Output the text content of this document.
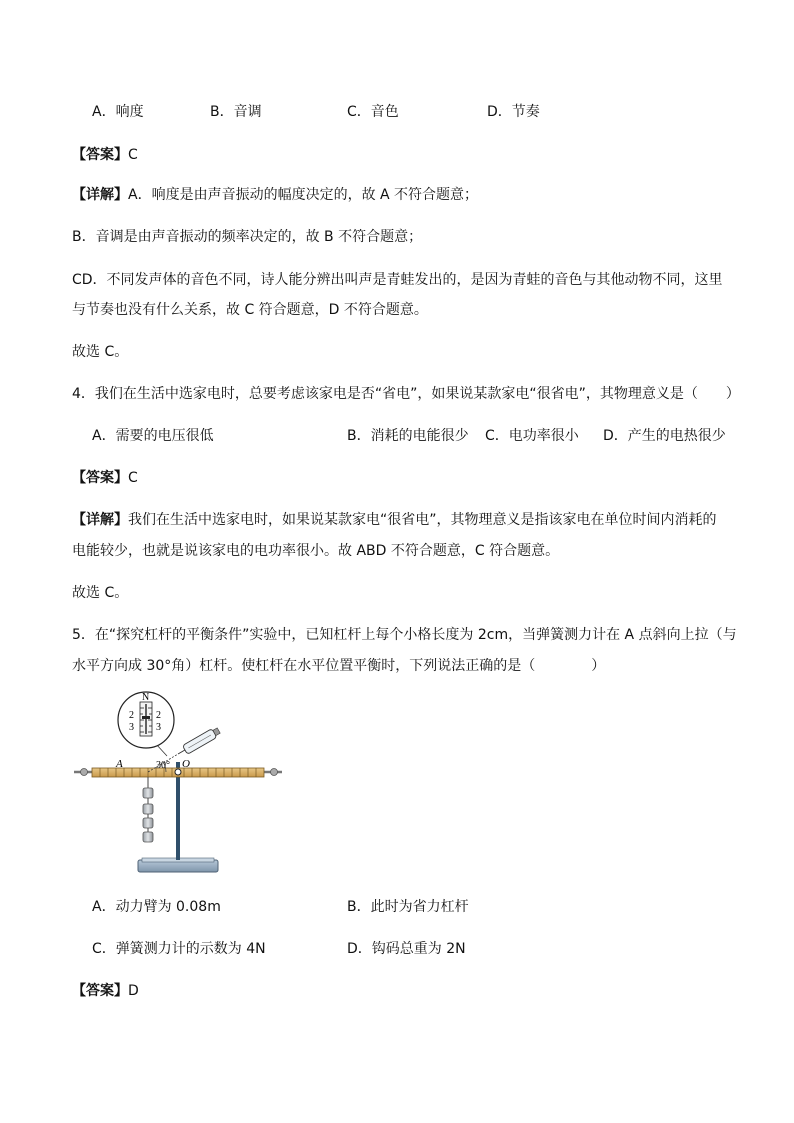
A．响度	B．音调	C．音色	D．节奏
【答案】C
【详解】A．响度是由声音振动的幅度决定的，故 A 不符合题意；
B．音调是由声音振动的频率决定的，故 B 不符合题意；
CD．不同发声体的音色不同，诗人能分辨出叫声是青蛙发出的，是因为青蛙的音色与其他动物不同，这里
与节奏也没有什么关系，故 C 符合题意，D 不符合题意。
故选 C。
4．我们在生活中选家电时，总要考虑该家电是否“省电”，如果说某款家电“很省电”，其物理意义是（　　）
A．需要的电压很低	B．消耗的电能很少 C．电功率很小 D．产生的电热很少
【答案】C
【详解】我们在生活中选家电时，如果说某款家电“很省电”，其物理意义是指该家电在单位时间内消耗的
电能较少，也就是说该家电的电功率很小。故 ABD 不符合题意，C 符合题意。
故选 C。
5．在“探究杠杆的平衡条件”实验中，已知杠杆上每个小格长度为 2cm，当弹簧测力计在 A 点斜向上拉（与
水平方向成 30°角）杠杆。使杠杆在水平位置平衡时，下列说法正确的是（　　　　）
N
2
3
2
3
A	30° O
A．动力臂为 0.08m	B．此时为省力杠杆
C．弹簧测力计的示数为 4N	D．钩码总重为 2N
【答案】D
